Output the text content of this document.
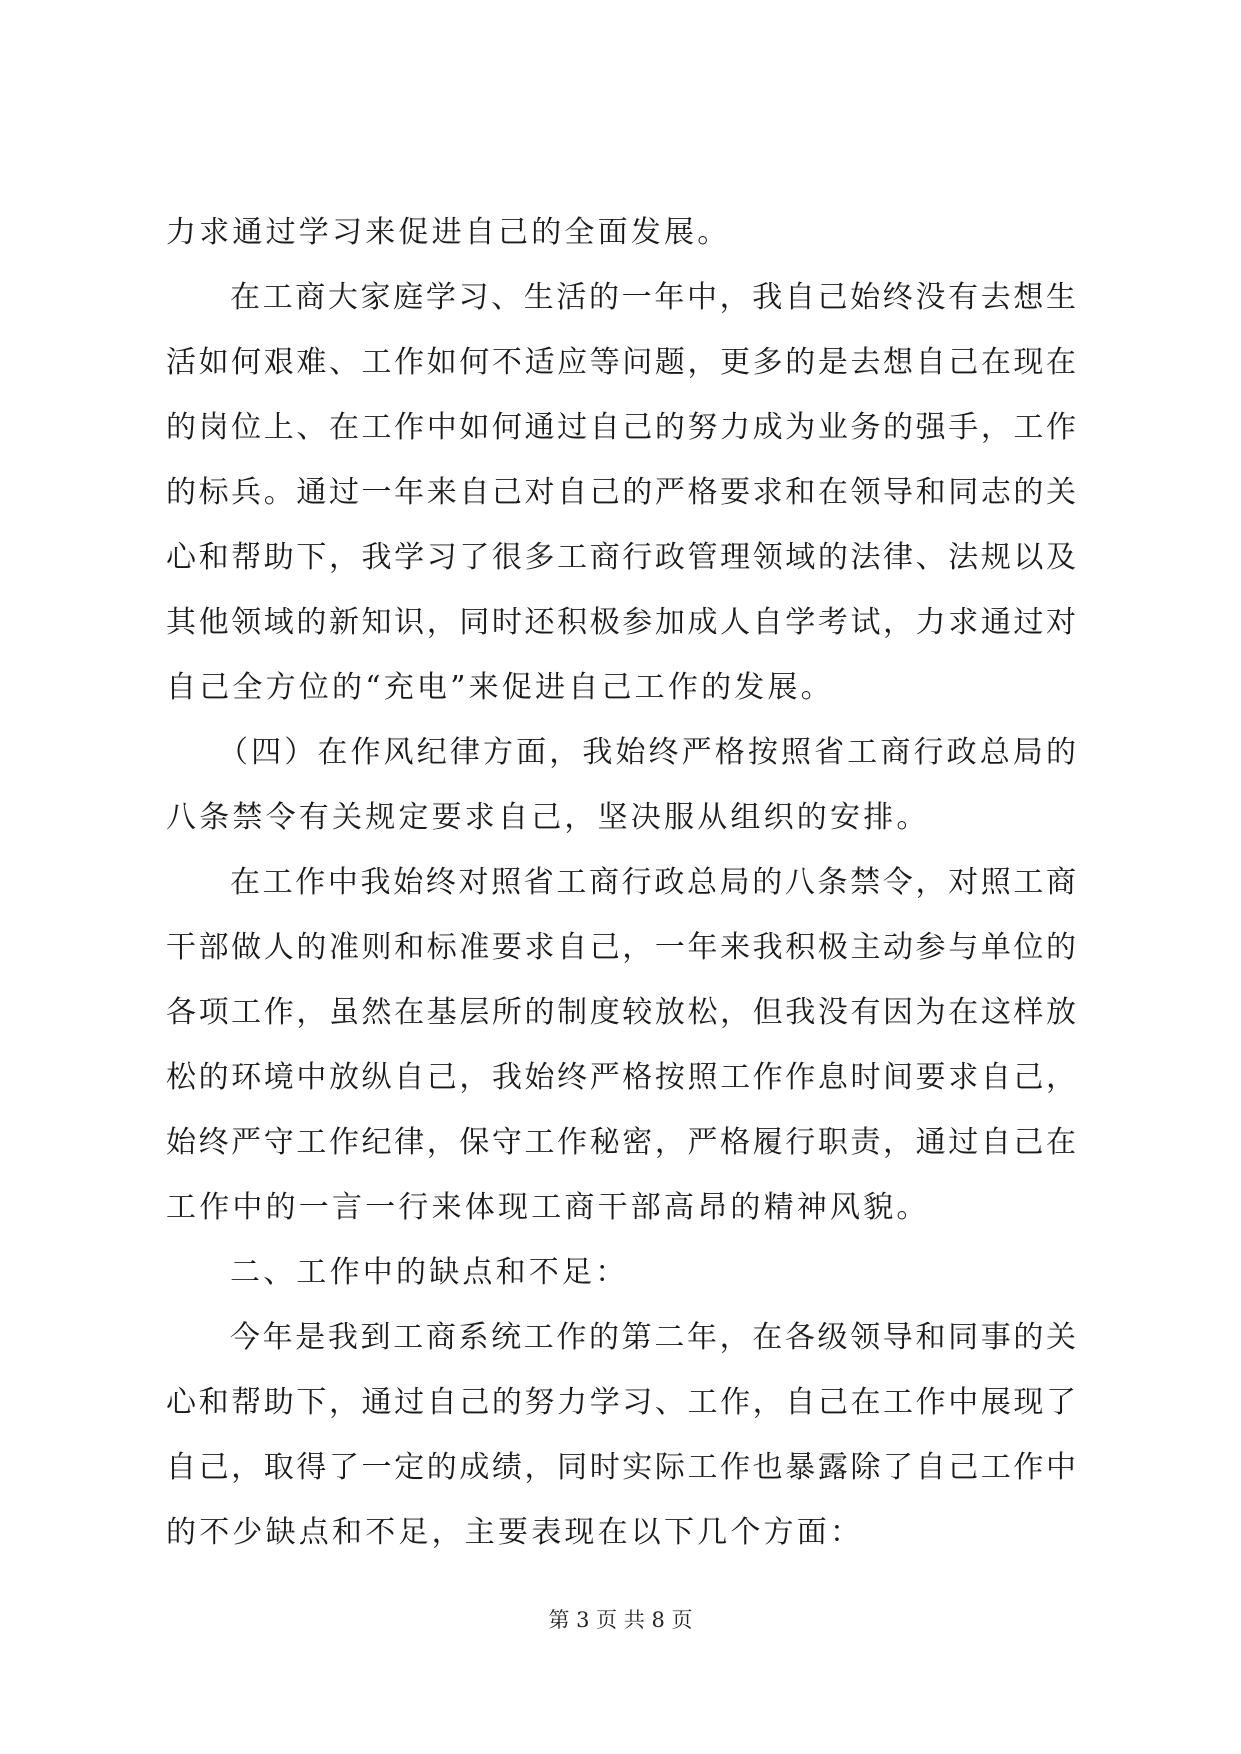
力求通过学习来促进自己的全面发展。
在工商大家庭学习、生活的一年中，我自己始终没有去想生
活如何艰难、工作如何不适应等问题，更多的是去想自己在现在
的岗位上、在工作中如何通过自己的努力成为业务的强手，工作
的标兵。通过一年来自己对自己的严格要求和在领导和同志的关
心和帮助下，我学习了很多工商行政管理领域的法律、法规以及
其他领域的新知识，同时还积极参加成人自学考试，力求通过对
自己全方位的“充电”来促进自己工作的发展。
（四）在作风纪律方面，我始终严格按照省工商行政总局的
八条禁令有关规定要求自己，坚决服从组织的安排。
在工作中我始终对照省工商行政总局的八条禁令，对照工商
干部做人的准则和标准要求自己，一年来我积极主动参与单位的
各项工作，虽然在基层所的制度较放松，但我没有因为在这样放
松的环境中放纵自己，我始终严格按照工作作息时间要求自己，
始终严守工作纪律，保守工作秘密，严格履行职责，通过自己在
工作中的一言一行来体现工商干部高昂的精神风貌。
二、工作中的缺点和不足：
今年是我到工商系统工作的第二年，在各级领导和同事的关
心和帮助下，通过自己的努力学习、工作，自己在工作中展现了
自己，取得了一定的成绩，同时实际工作也暴露除了自己工作中
的不少缺点和不足，主要表现在以下几个方面：
第 3 页 共 8 页
